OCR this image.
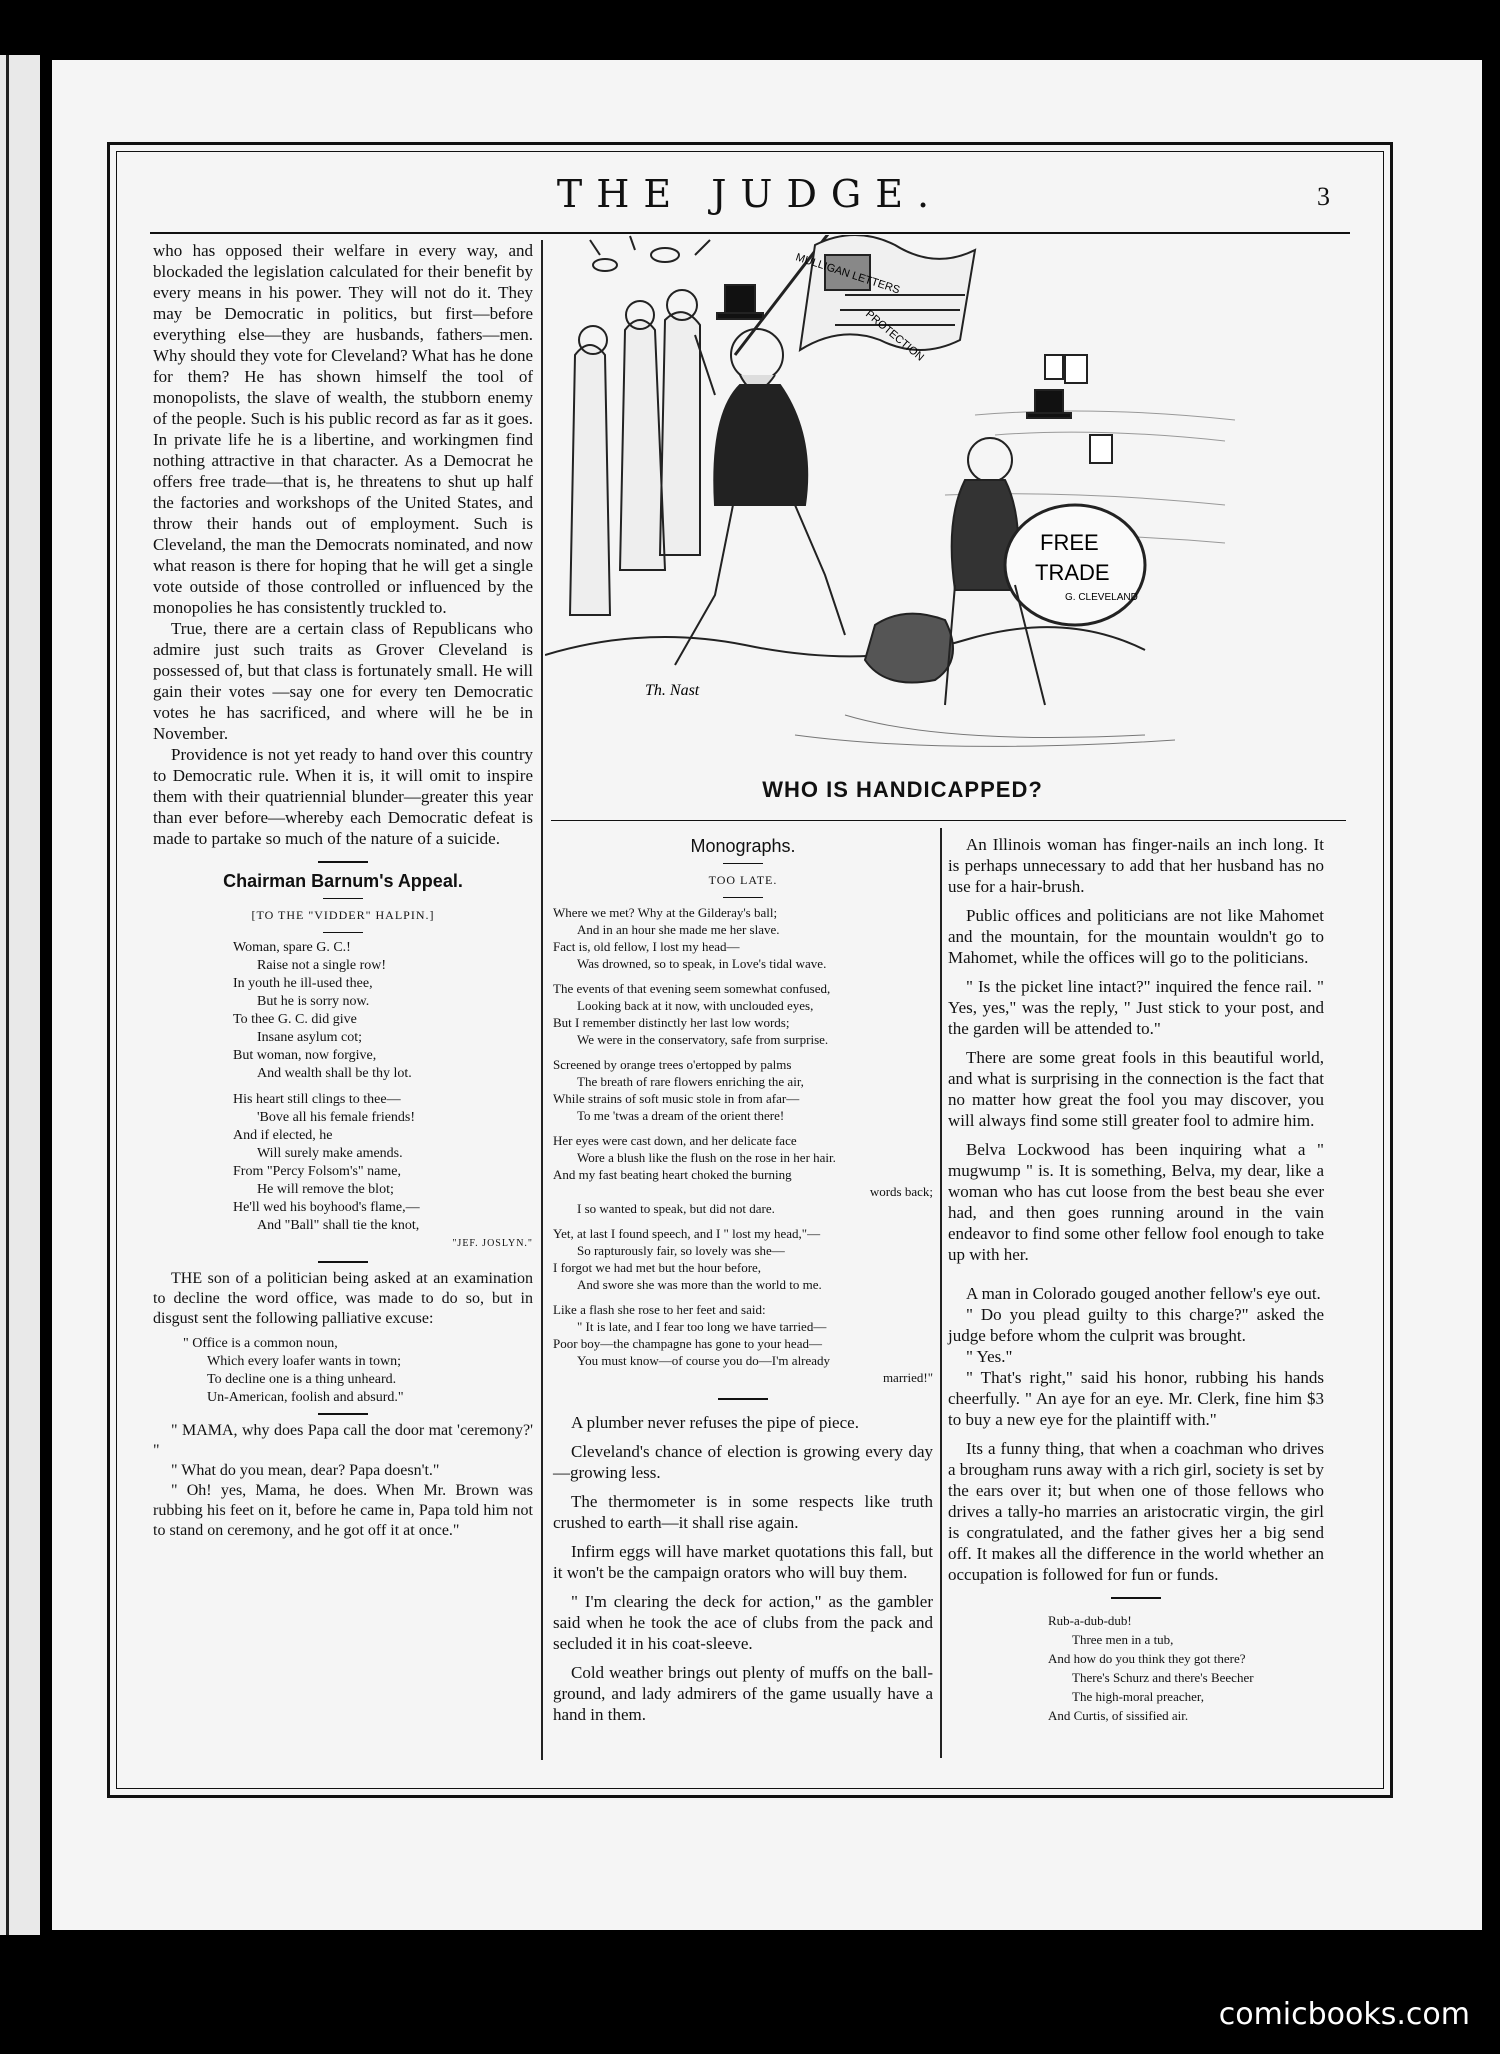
THE JUDGE.	3

who has opposed their welfare in every way, and blockaded the legislation calculated for their benefit by every means in his power. They will not do it. They may be Democratic in politics, but first—before everything else—they are husbands, fathers—men. Why should they vote for Cleveland? What has he done for them? He has shown himself the tool of monopolists, the slave of wealth, the stubborn enemy of the people. Such is his public record as far as it goes. In private life he is a libertine, and workingmen find nothing attractive in that character. As a Democrat he offers free trade—that is, he threatens to shut up half the factories and workshops of the United States, and throw their hands out of employment. Such is Cleveland, the man the Democrats nominated, and now what reason is there for hoping that he will get a single vote outside of those controlled or influenced by the monopolies he has consistently truckled to.

True, there are a certain class of Republicans who admire just such traits as Grover Cleveland is possessed of, but that class is fortunately small. He will gain their votes —say one for every ten Democratic votes he has sacrificed, and where will he be in November.

Providence is not yet ready to hand over this country to Democratic rule. When it is, it will omit to inspire them with their quatriennial blunder—greater this year than ever before—whereby each Democratic defeat is made to partake so much of the nature of a suicide.

Chairman Barnum's Appeal.
[TO THE "VIDDER" HALPIN.]
Woman, spare G. C.!
Raise not a single row!
In youth he ill-used thee,
But he is sorry now.
To thee G. C. did give
Insane asylum cot;
But woman, now forgive,
And wealth shall be thy lot.
His heart still clings to thee—
'Bove all his female friends!
And if elected, he
Will surely make amends.
From "Percy Folsom's" name,
He will remove the blot;
He'll wed his boyhood's flame,—
And "Ball" shall tie the knot,
"JEF. JOSLYN."

THE son of a politician being asked at an examination to decline the word office, was made to do so, but in disgust sent the following palliative excuse:

" Office is a common noun,
Which every loafer wants in town;
To decline one is a thing unheard.
Un-American, foolish and absurd."

" MAMA, why does Papa call the door mat 'ceremony?' "

" What do you mean, dear? Papa doesn't."

" Oh! yes, Mama, he does. When Mr. Brown was rubbing his feet on it, before he came in, Papa told him not to stand on ceremony, and he got off it at once."

MULLIGAN LETTERS
PROTECTION
FREE
TRADE
G. CLEVELAND
Th. Nast
WHO IS HANDICAPPED?
Monographs.
TOO LATE.
Where we met? Why at the Gilderay's ball;
And in an hour she made me her slave.
Fact is, old fellow, I lost my head—
Was drowned, so to speak, in Love's tidal wave.
The events of that evening seem somewhat confused,
Looking back at it now, with unclouded eyes,
But I remember distinctly her last low words;
We were in the conservatory, safe from surprise.
Screened by orange trees o'ertopped by palms
The breath of rare flowers enriching the air,
While strains of soft music stole in from afar—
To me 'twas a dream of the orient there!
Her eyes were cast down, and her delicate face
Wore a blush like the flush on the rose in her hair.
And my fast beating heart choked the burning
words back;
I so wanted to speak, but did not dare.
Yet, at last I found speech, and I " lost my head,"—
So rapturously fair, so lovely was she—
I forgot we had met but the hour before,
And swore she was more than the world to me.
Like a flash she rose to her feet and said:
" It is late, and I fear too long we have tarried—
Poor boy—the champagne has gone to your head—
You must know—of course you do—I'm already
married!"

A plumber never refuses the pipe of piece.

Cleveland's chance of election is growing every day—growing less.

The thermometer is in some respects like truth crushed to earth—it shall rise again.

Infirm eggs will have market quotations this fall, but it won't be the campaign orators who will buy them.

" I'm clearing the deck for action," as the gambler said when he took the ace of clubs from the pack and secluded it in his coat-sleeve.

Cold weather brings out plenty of muffs on the ball-ground, and lady admirers of the game usually have a hand in them.

An Illinois woman has finger-nails an inch long. It is perhaps unnecessary to add that her husband has no use for a hair-brush.

Public offices and politicians are not like Mahomet and the mountain, for the mountain wouldn't go to Mahomet, while the offices will go to the politicians.

" Is the picket line intact?" inquired the fence rail. " Yes, yes," was the reply, " Just stick to your post, and the garden will be attended to."

There are some great fools in this beautiful world, and what is surprising in the connection is the fact that no matter how great the fool you may discover, you will always find some still greater fool to admire him.

Belva Lockwood has been inquiring what a " mugwump " is. It is something, Belva, my dear, like a woman who has cut loose from the best beau she ever had, and then goes running around in the vain endeavor to find some other fellow fool enough to take up with her.

A man in Colorado gouged another fellow's eye out.

" Do you plead guilty to this charge?" asked the judge before whom the culprit was brought.

" Yes."

" That's right," said his honor, rubbing his hands cheerfully. " An aye for an eye. Mr. Clerk, fine him $3 to buy a new eye for the plaintiff with."

Its a funny thing, that when a coachman who drives a brougham runs away with a rich girl, society is set by the ears over it; but when one of those fellows who drives a tally-ho marries an aristocratic virgin, the girl is congratulated, and the father gives her a big send off. It makes all the difference in the world whether an occupation is followed for fun or funds.

Rub-a-dub-dub!
Three men in a tub,
And how do you think they got there?
There's Schurz and there's Beecher
The high-moral preacher,
And Curtis, of sissified air.
comicbooks.com
